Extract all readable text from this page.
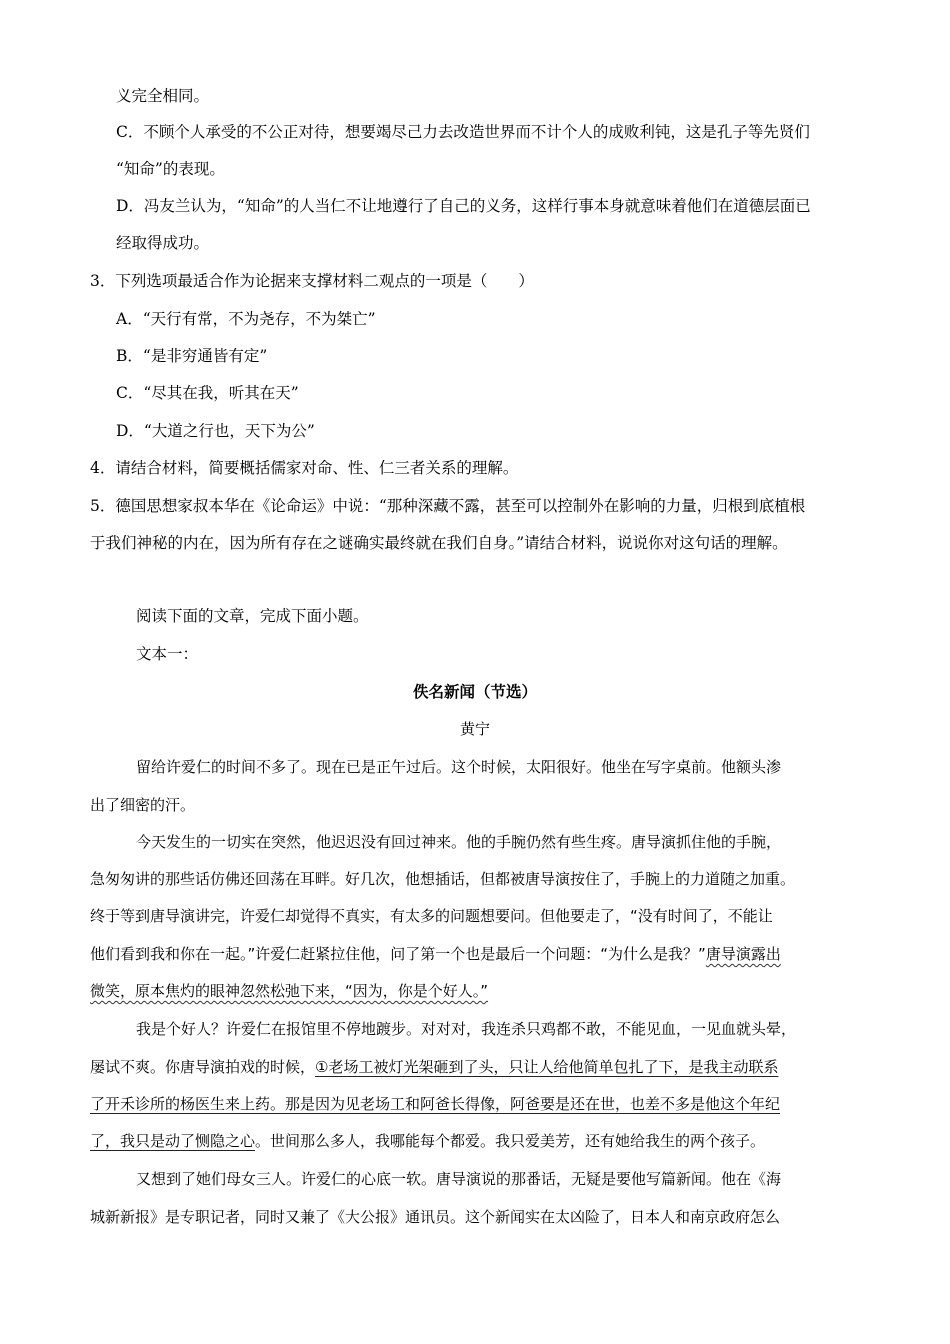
义完全相同。
C．不顾个人承受的不公正对待，想要竭尽己力去改造世界而不计个人的成败利钝，这是孔子等先贤们
“知命”的表现。
D．冯友兰认为，“知命”的人当仁不让地遵行了自己的义务，这样行事本身就意味着他们在道德层面已
经取得成功。
3．下列选项最适合作为论据来支撑材料二观点的一项是（　　）
A．“天行有常，不为尧存，不为桀亡”
B．“是非穷通皆有定”
C．“尽其在我，听其在天”
D．“大道之行也，天下为公”
4．请结合材料，简要概括儒家对命、性、仁三者关系的理解。
5．德国思想家叔本华在《论命运》中说：“那种深藏不露，甚至可以控制外在影响的力量，归根到底植根
于我们神秘的内在，因为所有存在之谜确实最终就在我们自身。”请结合材料，说说你对这句话的理解。
阅读下面的文章，完成下面小题。
文本一：
佚名新闻（节选）
黄宁
留给许爱仁的时间不多了。现在已是正午过后。这个时候，太阳很好。他坐在写字桌前。他额头渗
出了细密的汗。
今天发生的一切实在突然，他迟迟没有回过神来。他的手腕仍然有些生疼。唐导演抓住他的手腕，
急匆匆讲的那些话仿佛还回荡在耳畔。好几次，他想插话，但都被唐导演按住了，手腕上的力道随之加重。
终于等到唐导演讲完，许爱仁却觉得不真实，有太多的问题想要问。但他要走了，“没有时间了，不能让
他们看到我和你在一起。”许爱仁赶紧拉住他，问了第一个也是最后一个问题：“为什么是我？”唐导演露出
微笑，原本焦灼的眼神忽然松弛下来，“因为，你是个好人。”
我是个好人？许爱仁在报馆里不停地踱步。对对对，我连杀只鸡都不敢，不能见血，一见血就头晕，
屡试不爽。你唐导演拍戏的时候，①老场工被灯光架砸到了头，只让人给他简单包扎了下，是我主动联系
了开禾诊所的杨医生来上药。那是因为见老场工和阿爸长得像，阿爸要是还在世，也差不多是他这个年纪
了，我只是动了恻隐之心。世间那么多人，我哪能每个都爱。我只爱美芳，还有她给我生的两个孩子。
又想到了她们母女三人。许爱仁的心底一软。唐导演说的那番话，无疑是要他写篇新闻。他在《海
城新新报》是专职记者，同时又兼了《大公报》通讯员。这个新闻实在太凶险了，日本人和南京政府怎么
